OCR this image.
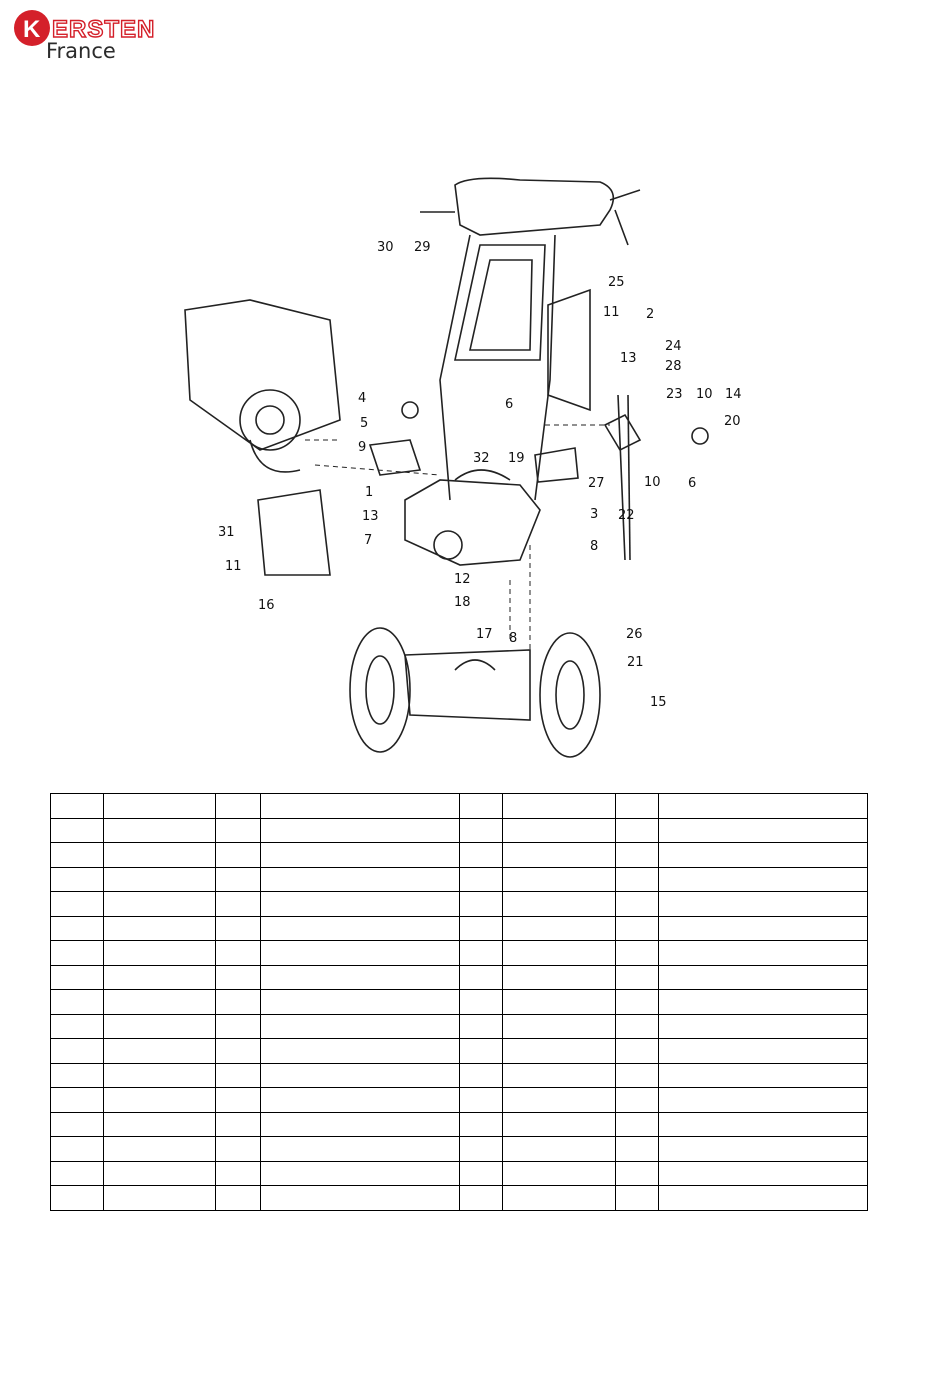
K ERSTEN
France
1
2
3
4
5
6
6
7	8
8
9
10
10
11
11
12
13
13
14
15
16
17
18
19
20
21
22
23
24
25
26
27
28
29
30
31
32
